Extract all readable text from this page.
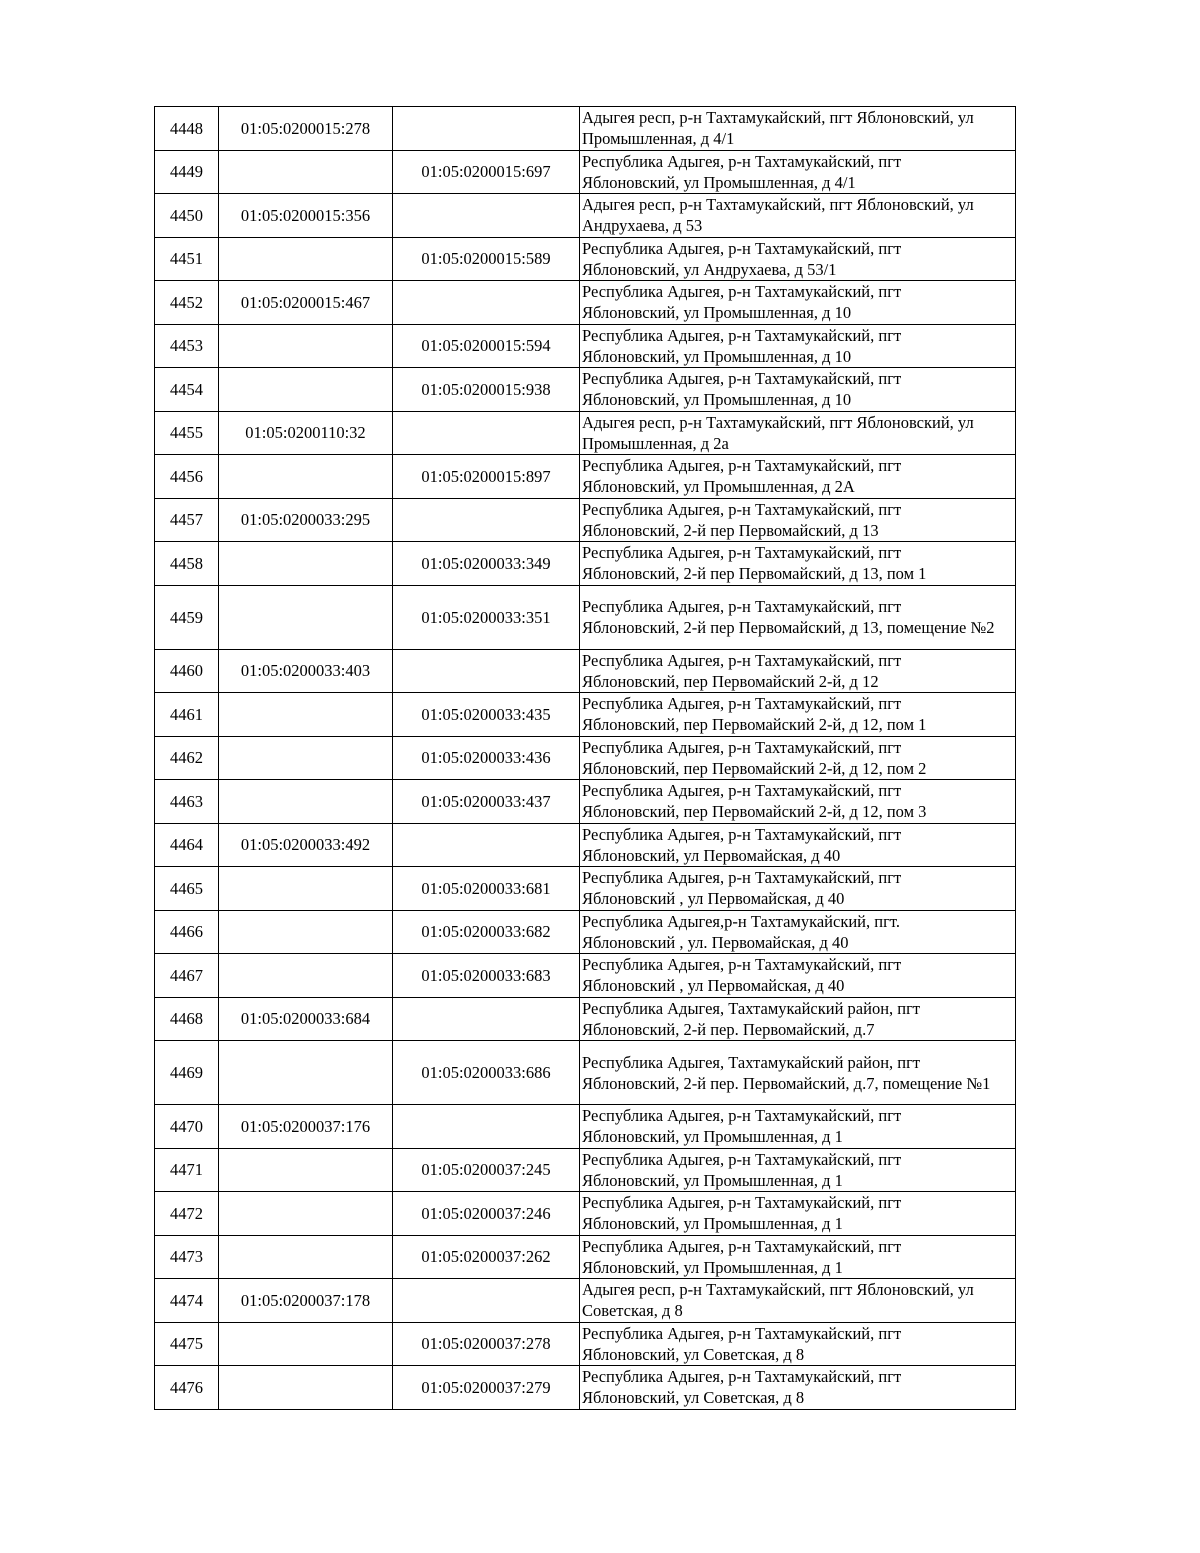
4448	01:05:0200015:278		Адыгея респ, р-н Тахтамукайский, пгт Яблоновский, ул
Промышленная, д 4/1

4449		01:05:0200015:697	Республика Адыгея, р-н Тахтамукайский, пгт
Яблоновский, ул Промышленная, д 4/1

4450	01:05:0200015:356		Адыгея респ, р-н Тахтамукайский, пгт Яблоновский, ул
Андрухаева, д 53

4451		01:05:0200015:589	Республика Адыгея, р-н Тахтамукайский, пгт
Яблоновский, ул Андрухаева, д 53/1

4452	01:05:0200015:467		Республика Адыгея, р-н Тахтамукайский, пгт
Яблоновский, ул Промышленная, д 10

4453		01:05:0200015:594	Республика Адыгея, р-н Тахтамукайский, пгт
Яблоновский, ул Промышленная, д 10

4454		01:05:0200015:938	Республика Адыгея, р-н Тахтамукайский, пгт
Яблоновский, ул Промышленная, д 10

4455	01:05:0200110:32		Адыгея респ, р-н Тахтамукайский, пгт Яблоновский, ул
Промышленная, д 2а

4456		01:05:0200015:897	Республика Адыгея, р-н Тахтамукайский, пгт
Яблоновский, ул Промышленная, д 2А

4457	01:05:0200033:295		Республика Адыгея, р-н Тахтамукайский, пгт
Яблоновский, 2-й пер Первомайский, д 13

4458		01:05:0200033:349	Республика Адыгея, р-н Тахтамукайский, пгт
Яблоновский, 2-й пер Первомайский, д 13, пом 1

4459		01:05:0200033:351	Республика Адыгея, р-н Тахтамукайский, пгт
Яблоновский, 2-й пер Первомайский, д 13, помещение №2

4460	01:05:0200033:403		Республика Адыгея, р-н Тахтамукайский, пгт
Яблоновский, пер Первомайский 2-й, д 12

4461		01:05:0200033:435	Республика Адыгея, р-н Тахтамукайский, пгт
Яблоновский, пер Первомайский 2-й, д 12, пом 1

4462		01:05:0200033:436	Республика Адыгея, р-н Тахтамукайский, пгт
Яблоновский, пер Первомайский 2-й, д 12, пом 2

4463		01:05:0200033:437	Республика Адыгея, р-н Тахтамукайский, пгт
Яблоновский, пер Первомайский 2-й, д 12, пом 3

4464	01:05:0200033:492		Республика Адыгея, р-н Тахтамукайский, пгт
Яблоновский, ул Первомайская, д 40

4465		01:05:0200033:681	Республика Адыгея, р-н Тахтамукайский, пгт
Яблоновский , ул Первомайская, д 40

4466		01:05:0200033:682	Республика Адыгея,р-н Тахтамукайский, пгт.
Яблоновский , ул. Первомайская, д 40

4467		01:05:0200033:683	Республика Адыгея, р-н Тахтамукайский, пгт
Яблоновский , ул Первомайская, д 40

4468	01:05:0200033:684		Республика Адыгея, Тахтамукайский район, пгт
Яблоновский, 2-й пер. Первомайский, д.7

4469		01:05:0200033:686	Республика Адыгея, Тахтамукайский район, пгт
Яблоновский, 2-й пер. Первомайский, д.7, помещение №1

4470	01:05:0200037:176		Республика Адыгея, р-н Тахтамукайский, пгт
Яблоновский, ул Промышленная, д 1

4471		01:05:0200037:245	Республика Адыгея, р-н Тахтамукайский, пгт
Яблоновский, ул Промышленная, д 1

4472		01:05:0200037:246	Республика Адыгея, р-н Тахтамукайский, пгт
Яблоновский, ул Промышленная, д 1

4473		01:05:0200037:262	Республика Адыгея, р-н Тахтамукайский, пгт
Яблоновский, ул Промышленная, д 1

4474	01:05:0200037:178		Адыгея респ, р-н Тахтамукайский, пгт Яблоновский, ул
Советская, д 8

4475		01:05:0200037:278	Республика Адыгея, р-н Тахтамукайский, пгт
Яблоновский, ул Советская, д 8

4476		01:05:0200037:279	Республика Адыгея, р-н Тахтамукайский, пгт
Яблоновский, ул Советская, д 8
